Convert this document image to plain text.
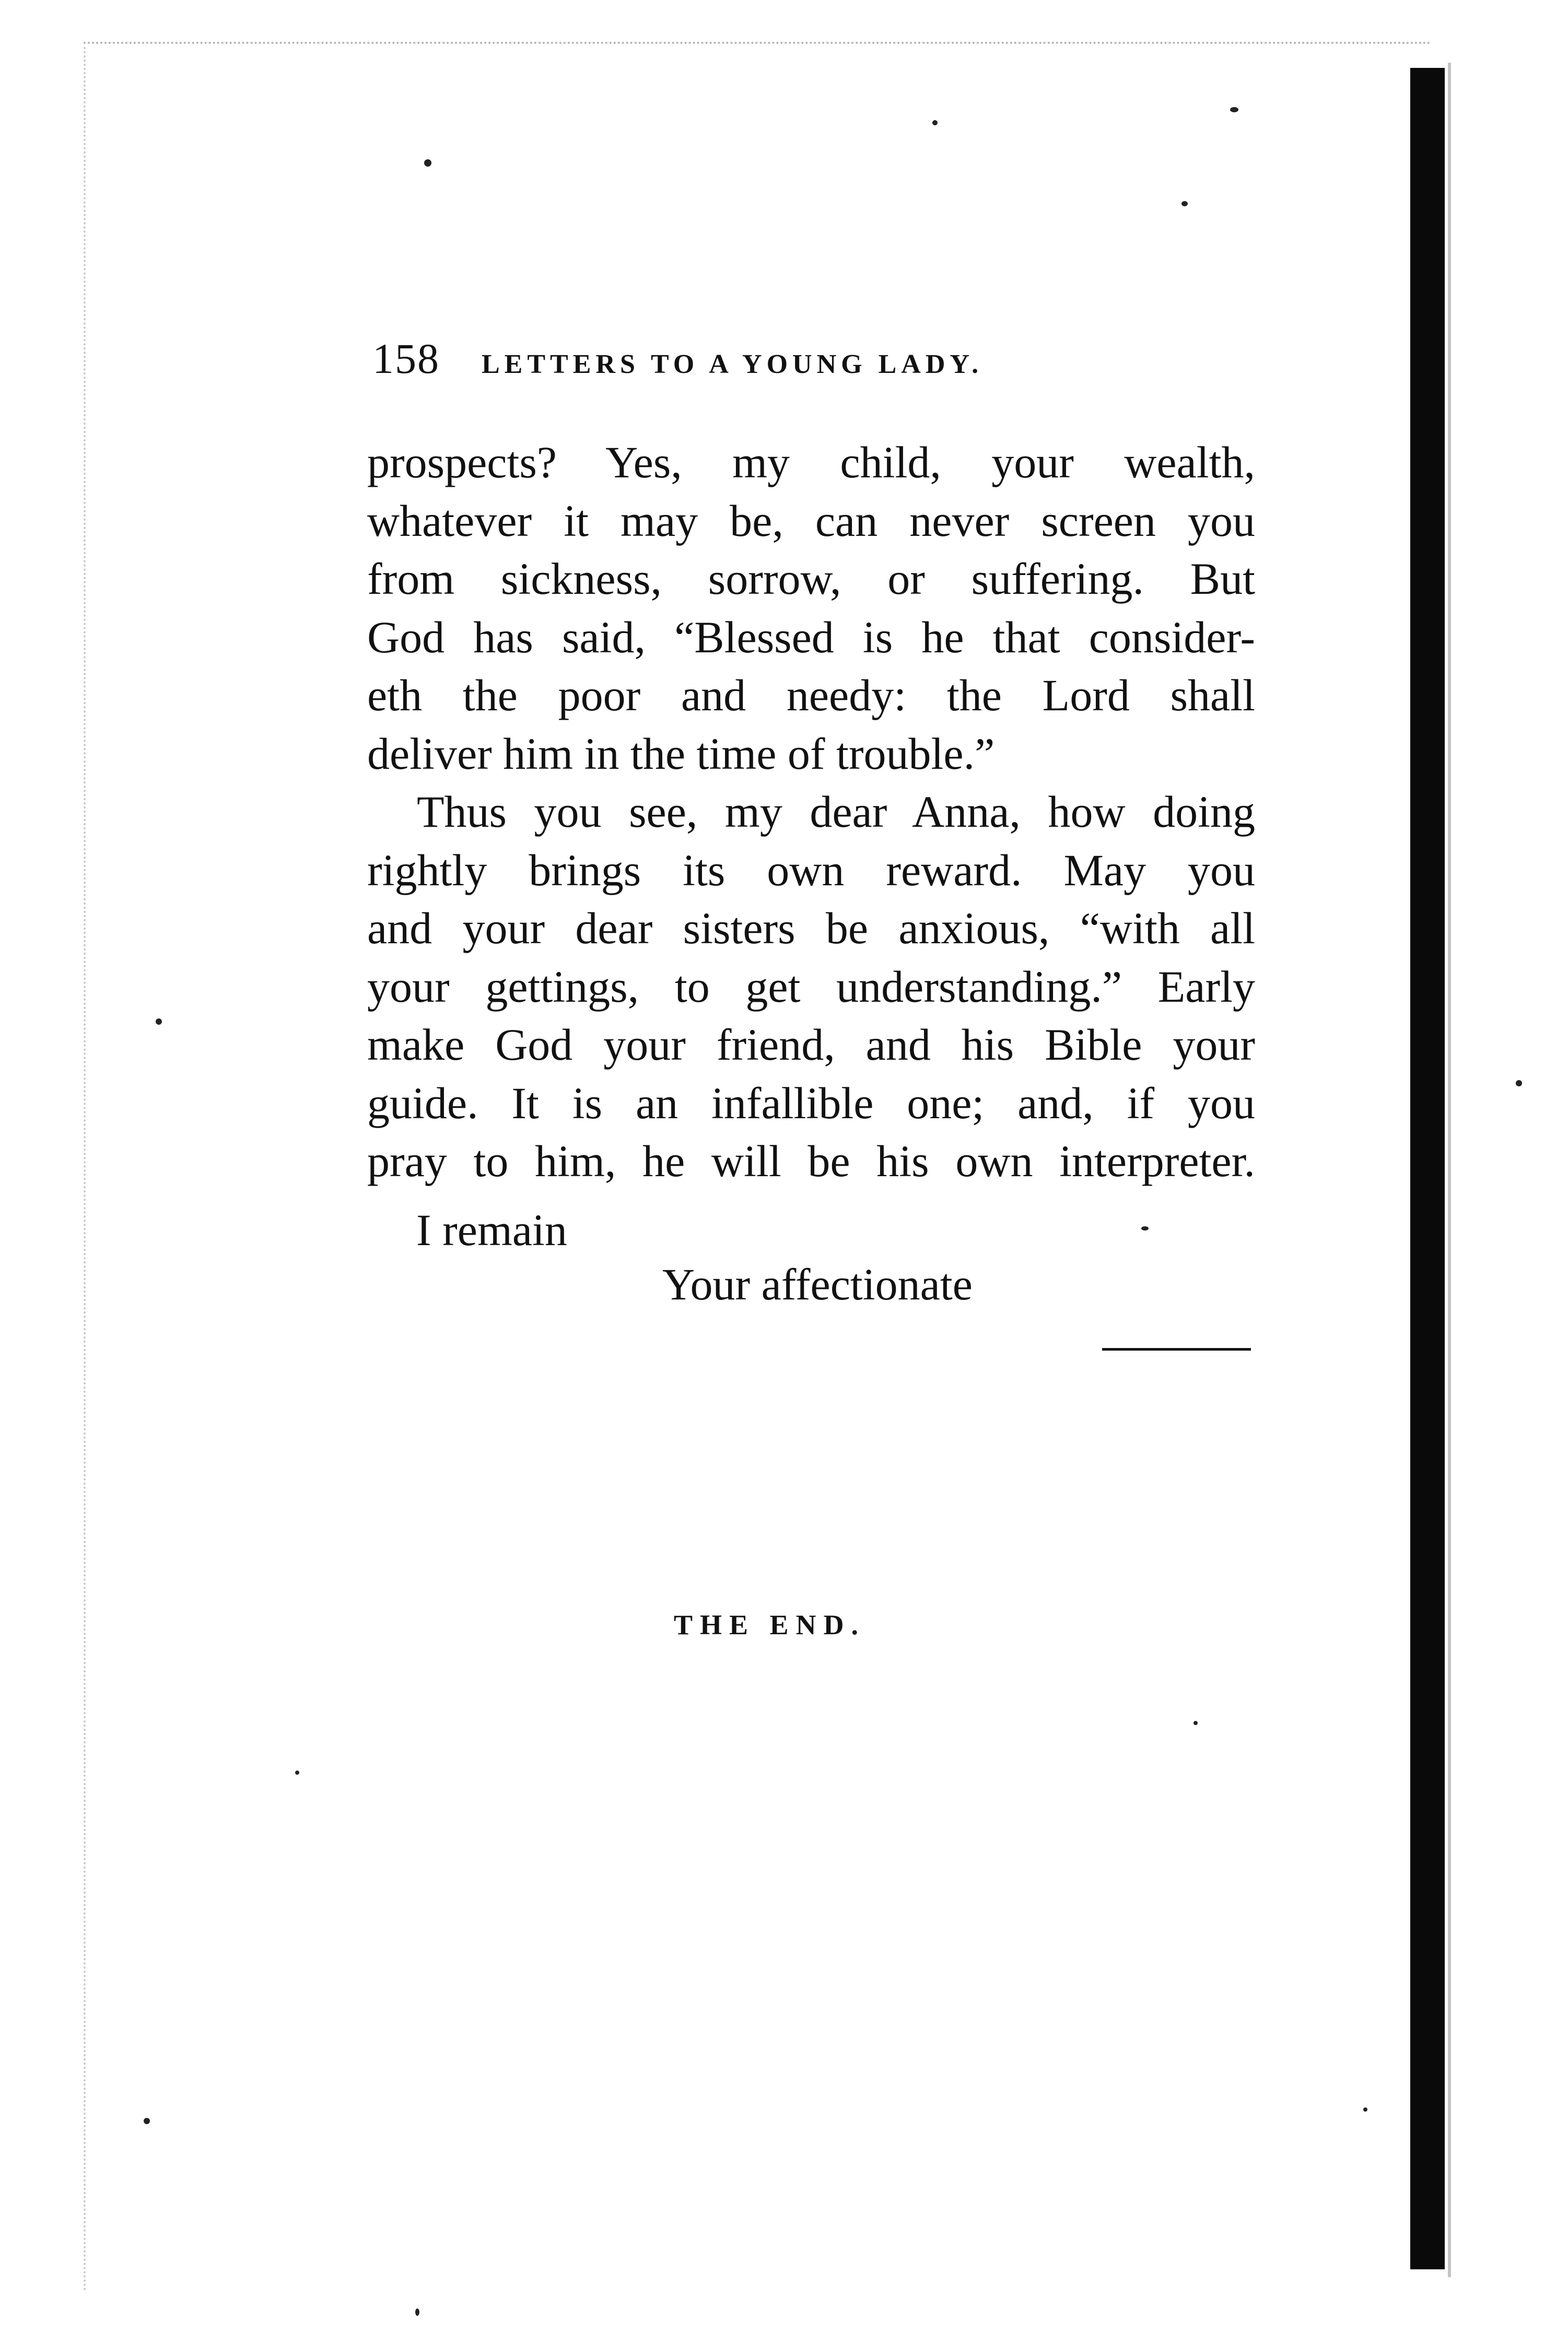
158 LETTERS TO A YOUNG LADY.
prospects? Yes, my child, your wealth,
whatever it may be, can never screen you
from sickness, sorrow, or suffering. But
God has said, “Blessed is he that consider-
eth the poor and needy: the Lord shall
deliver him in the time of trouble.”
Thus you see, my dear Anna, how doing
rightly brings its own reward. May you
and your dear sisters be anxious, “with all
your gettings, to get understanding.” Early
make God your friend, and his Bible your
guide. It is an infallible one; and, if you
pray to him, he will be his own interpreter.
I remain
Your affectionate
THE END.
